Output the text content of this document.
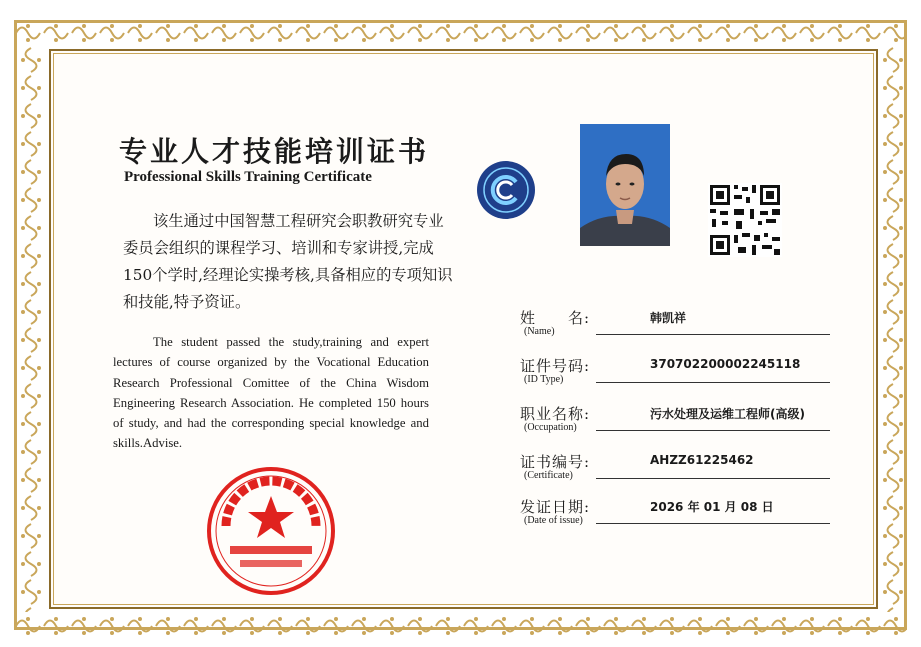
专业人才技能培训证书
Professional Skills Training Certificate
该生通过中国智慧工程研究会职教研究专业委员会组织的课程学习、培训和专家讲授,完成150个学时,经理论实操考核,具备相应的专项知识和技能,特予资证。
The student passed the study,training and expert lectures of course organized by the Vocational Education Research Professional Comittee of the China Wisdom Engineering Research Association. He completed 150 hours of study, and had the corresponding special knowledge and skills.Advise.
姓　　名:
(Name)
韩凯祥
证件号码:
(ID Type)
370702200002245118
职业名称:
(Occupation)
污水处理及运维工程师(高级)
证书编号:
(Certificate)
AHZZ61225462
发证日期:
(Date of issue)
2026 年 01 月 08 日
